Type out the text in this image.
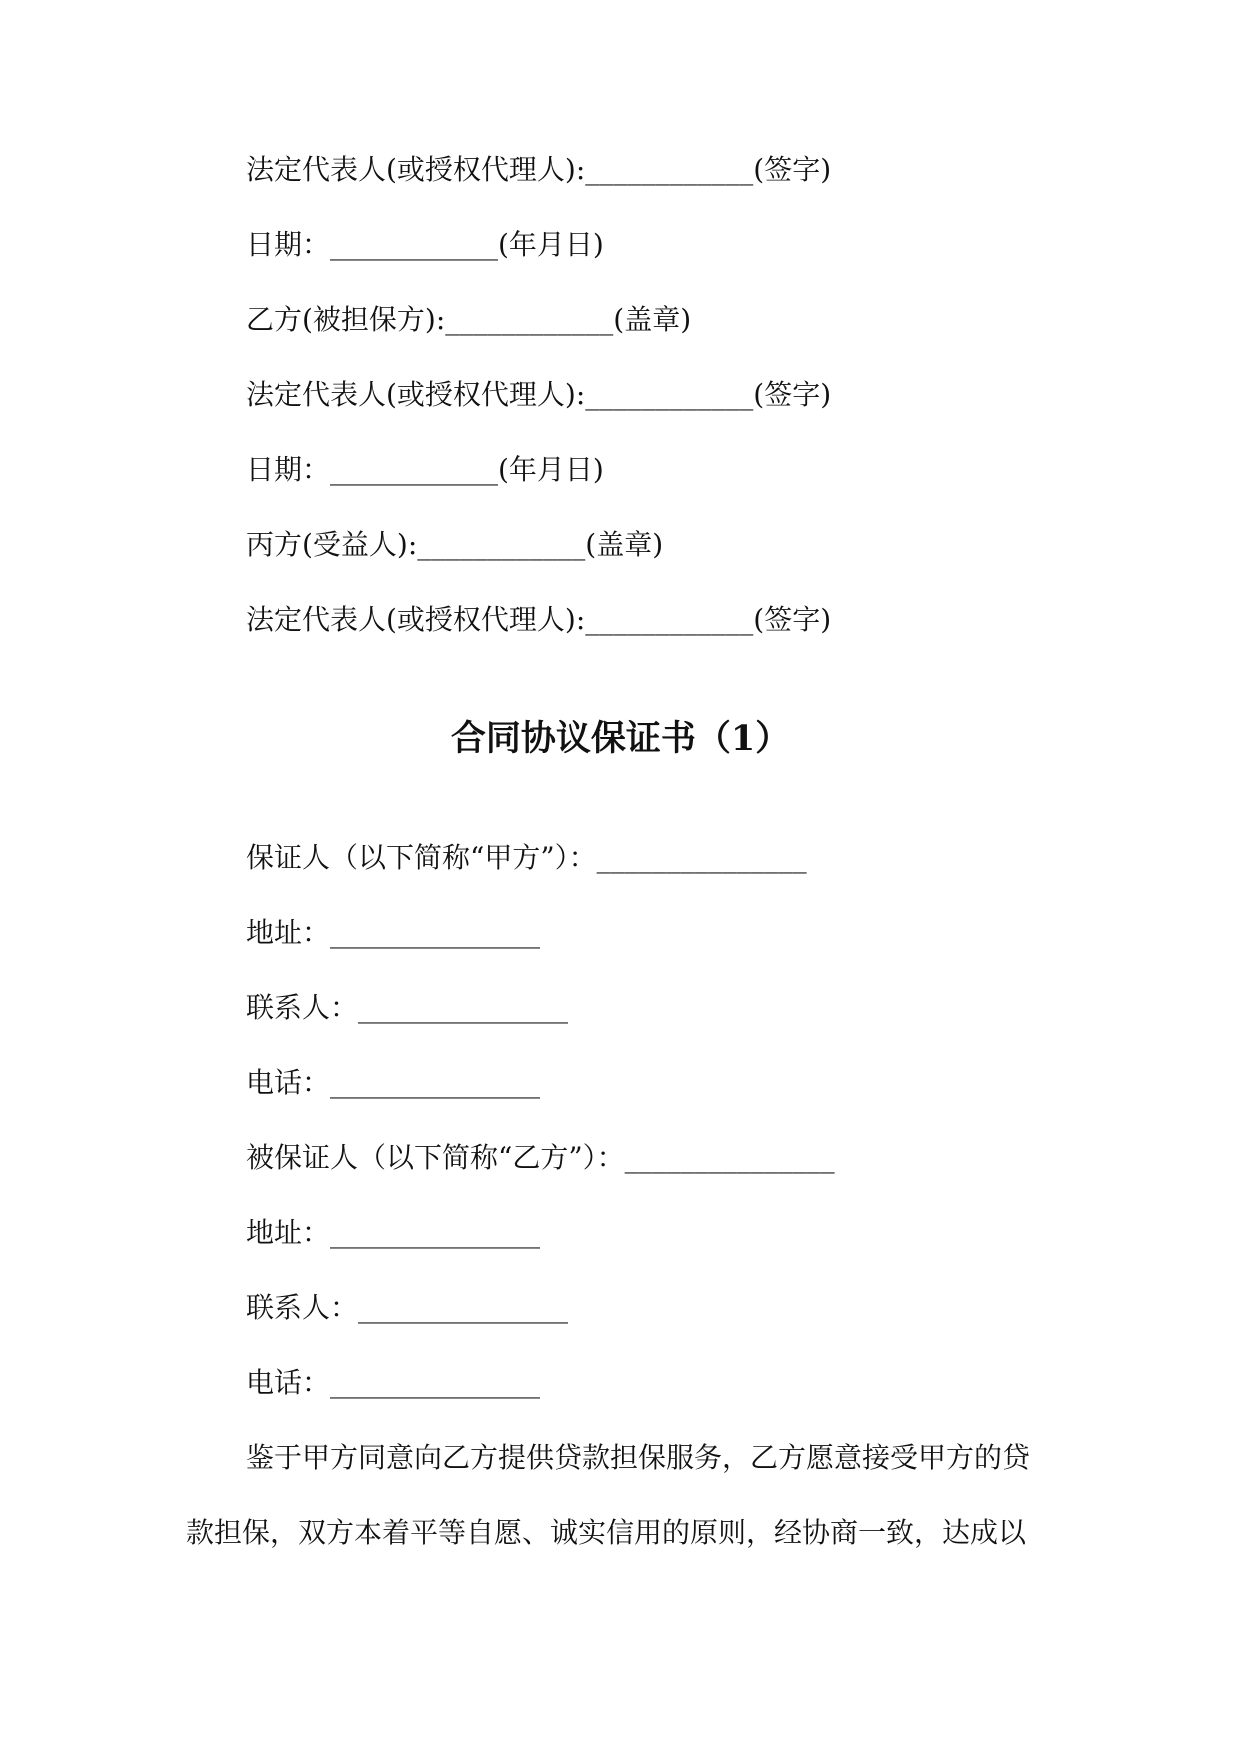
法定代表人(或授权代理人):____________(签字)
日期：____________(年月日)
乙方(被担保方):____________(盖章)
法定代表人(或授权代理人):____________(签字)
日期：____________(年月日)
丙方(受益人):____________(盖章)
法定代表人(或授权代理人):____________(签字)
合同协议保证书（1）
保证人（以下简称“甲方”）：_______________
地址：_______________
联系人：_______________
电话：_______________
被保证人（以下简称“乙方”）：_______________
地址：_______________
联系人：_______________
电话：_______________
鉴于甲方同意向乙方提供贷款担保服务，乙方愿意接受甲方的贷
款担保，双方本着平等自愿、诚实信用的原则，经协商一致，达成以
